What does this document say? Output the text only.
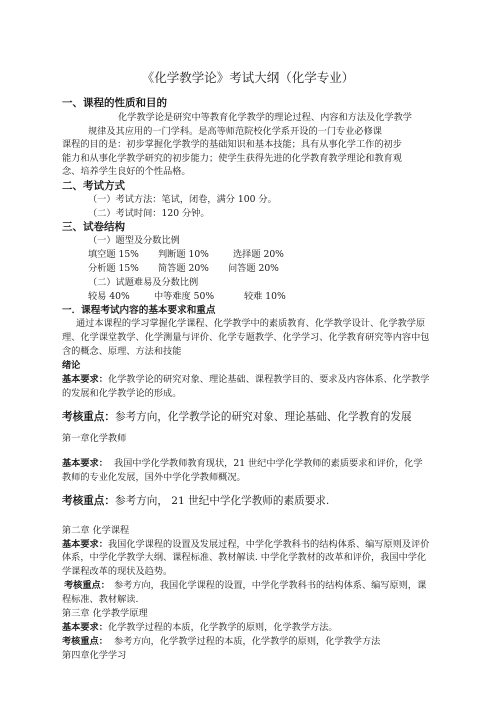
《化学教学论》考试大纲（化学专业）
一、课程的性质和目的
化学教学论是研究中等教育化学教学的理论过程、内容和方法及化学教学
规律及其应用的一门学科。是高等师范院校化学系开设的一门专业必修课
课程的目的是：初步掌握化学教学的基础知识和基本技能；具有从事化学工作的初步
能力和从事化学教学研究的初步能力；使学生获得先进的化学教育教学理论和教育观
念、培养学生良好的个性品格。
二、考试方式
（一）考试方法：笔试，闭卷，满分 100 分。
（二）考试时间：120 分钟。
三、试卷结构
（一）题型及分数比例
填空题 15% 判断题 10%	选择题 20%
分析题 15% 简答题 20% 问答题 20%
（二）试题难易及分数比例
较易 40%	中等难度 50%	较难 10%
一．课程考试内容的基本要求和重点
通过本课程的学习掌握化学课程、化学教学中的素质教育、化学教学设计、化学教学原
理、化学课堂教学、化学测量与评价、化学专题教学、化学学习、化学教育研究等内容中包
含的概念、原理、方法和技能
绪论
基本要求：化学教学论的研究对象、理论基础、课程教学目的、要求及内容体系、化学教学
的发展和化学教学论的形成。
考核重点：参考方向，化学教学论的研究对象、理论基础、化学教育的发展
第一章化学教师
基本要求： 我国中学化学教师教育现状，21 世纪中学化学教师的素质要求和评价，化学
教师的专业化发展，国外中学化学教师概况。
考核重点：参考方向， 21 世纪中学化学教师的素质要求.
第二章 化学课程
基本要求：我国化学课程的设置及发展过程，中学化学教科书的结构体系、编写原则及评价
体系，中学化学教学大纲、课程标准、教材解读. 中学化学教材的改革和评价，我国中学化
学课程改革的现状及趋势。
考核重点： 参考方向，我国化学课程的设置，中学化学教科书的结构体系、编写原则，课
程标准、教材解读.
第三章 化学教学原理
基本要求：化学教学过程的本质，化学教学的原则，化学教学方法。
考核重点： 参考方向，化学教学过程的本质，化学教学的原则，化学教学方法
第四章化学学习
